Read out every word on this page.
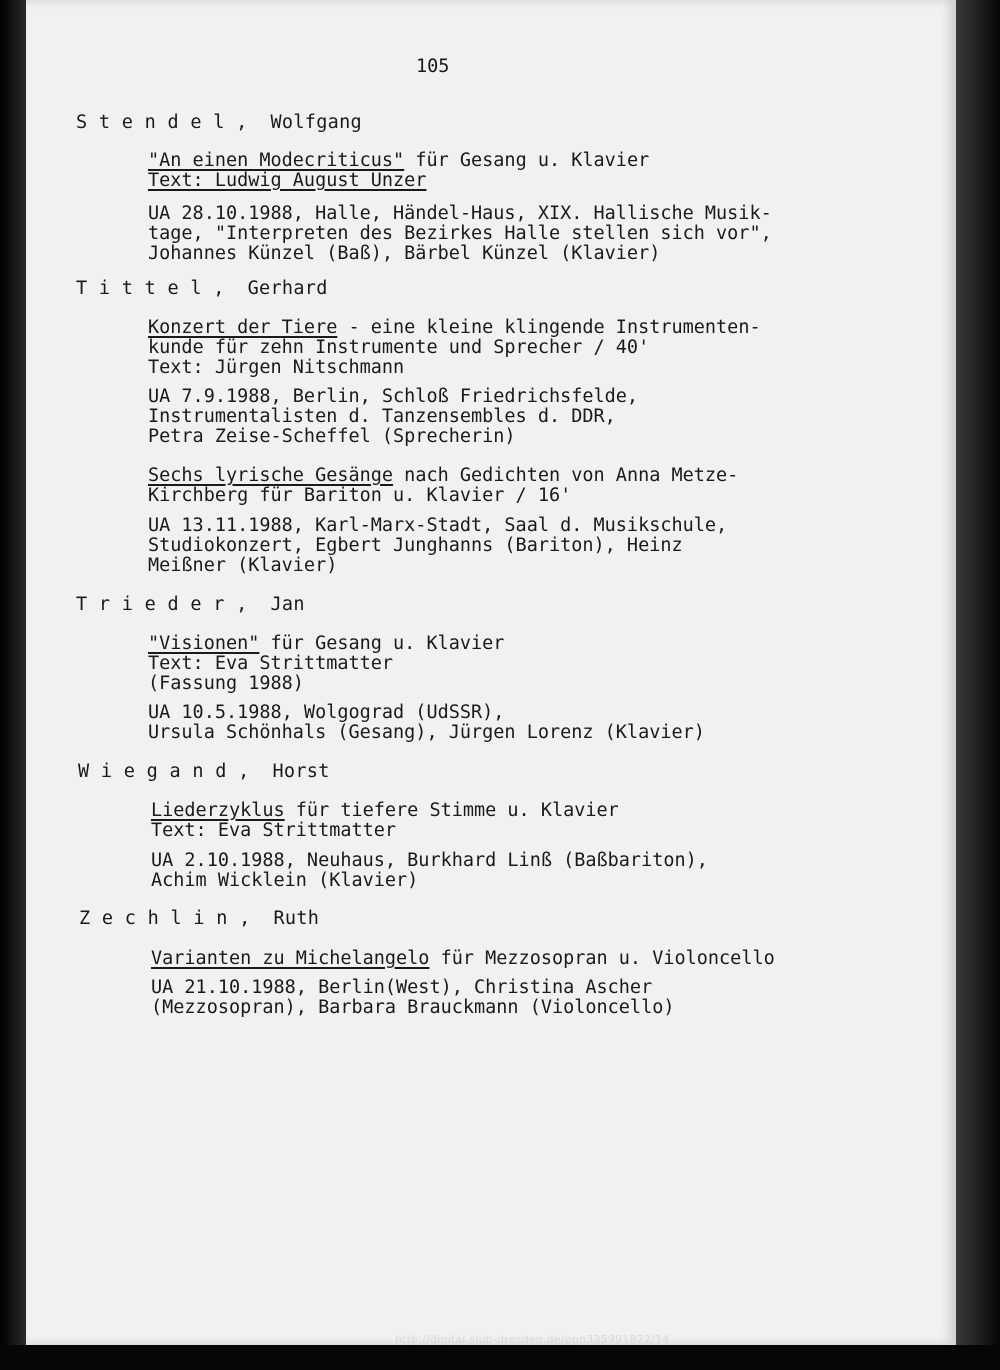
105
S t e n d e l ,  Wolfgang
"An einen Modecriticus" für Gesang u. Klavier
Text: Ludwig August Unzer
UA 28.10.1988, Halle, Händel-Haus, XIX. Hallische Musik-
tage, "Interpreten des Bezirkes Halle stellen sich vor",
Johannes Künzel (Baß), Bärbel Künzel (Klavier)
T i t t e l ,  Gerhard
Konzert der Tiere - eine kleine klingende Instrumenten-
kunde für zehn Instrumente und Sprecher / 40'
Text: Jürgen Nitschmann
UA 7.9.1988, Berlin, Schloß Friedrichsfelde,
Instrumentalisten d. Tanzensembles d. DDR,
Petra Zeise-Scheffel (Sprecherin)
Sechs lyrische Gesänge nach Gedichten von Anna Metze-
Kirchberg für Bariton u. Klavier / 16'
UA 13.11.1988, Karl-Marx-Stadt, Saal d. Musikschule,
Studiokonzert, Egbert Junghanns (Bariton), Heinz
Meißner (Klavier)
T r i e d e r ,  Jan
"Visionen" für Gesang u. Klavier
Text: Eva Strittmatter
(Fassung 1988)
UA 10.5.1988, Wolgograd (UdSSR),
Ursula Schönhals (Gesang), Jürgen Lorenz (Klavier)
W i e g a n d ,  Horst
Liederzyklus für tiefere Stimme u. Klavier
Text: Eva Strittmatter
UA 2.10.1988, Neuhaus, Burkhard Linß (Baßbariton),
Achim Wicklein (Klavier)
Z e c h l i n ,  Ruth
Varianten zu Michelangelo für Mezzosopran u. Violoncello
UA 21.10.1988, Berlin(West), Christina Ascher
(Mezzosopran), Barbara Brauckmann (Violoncello)
http://digital.slub-dresden.de/ppn335991822/14
